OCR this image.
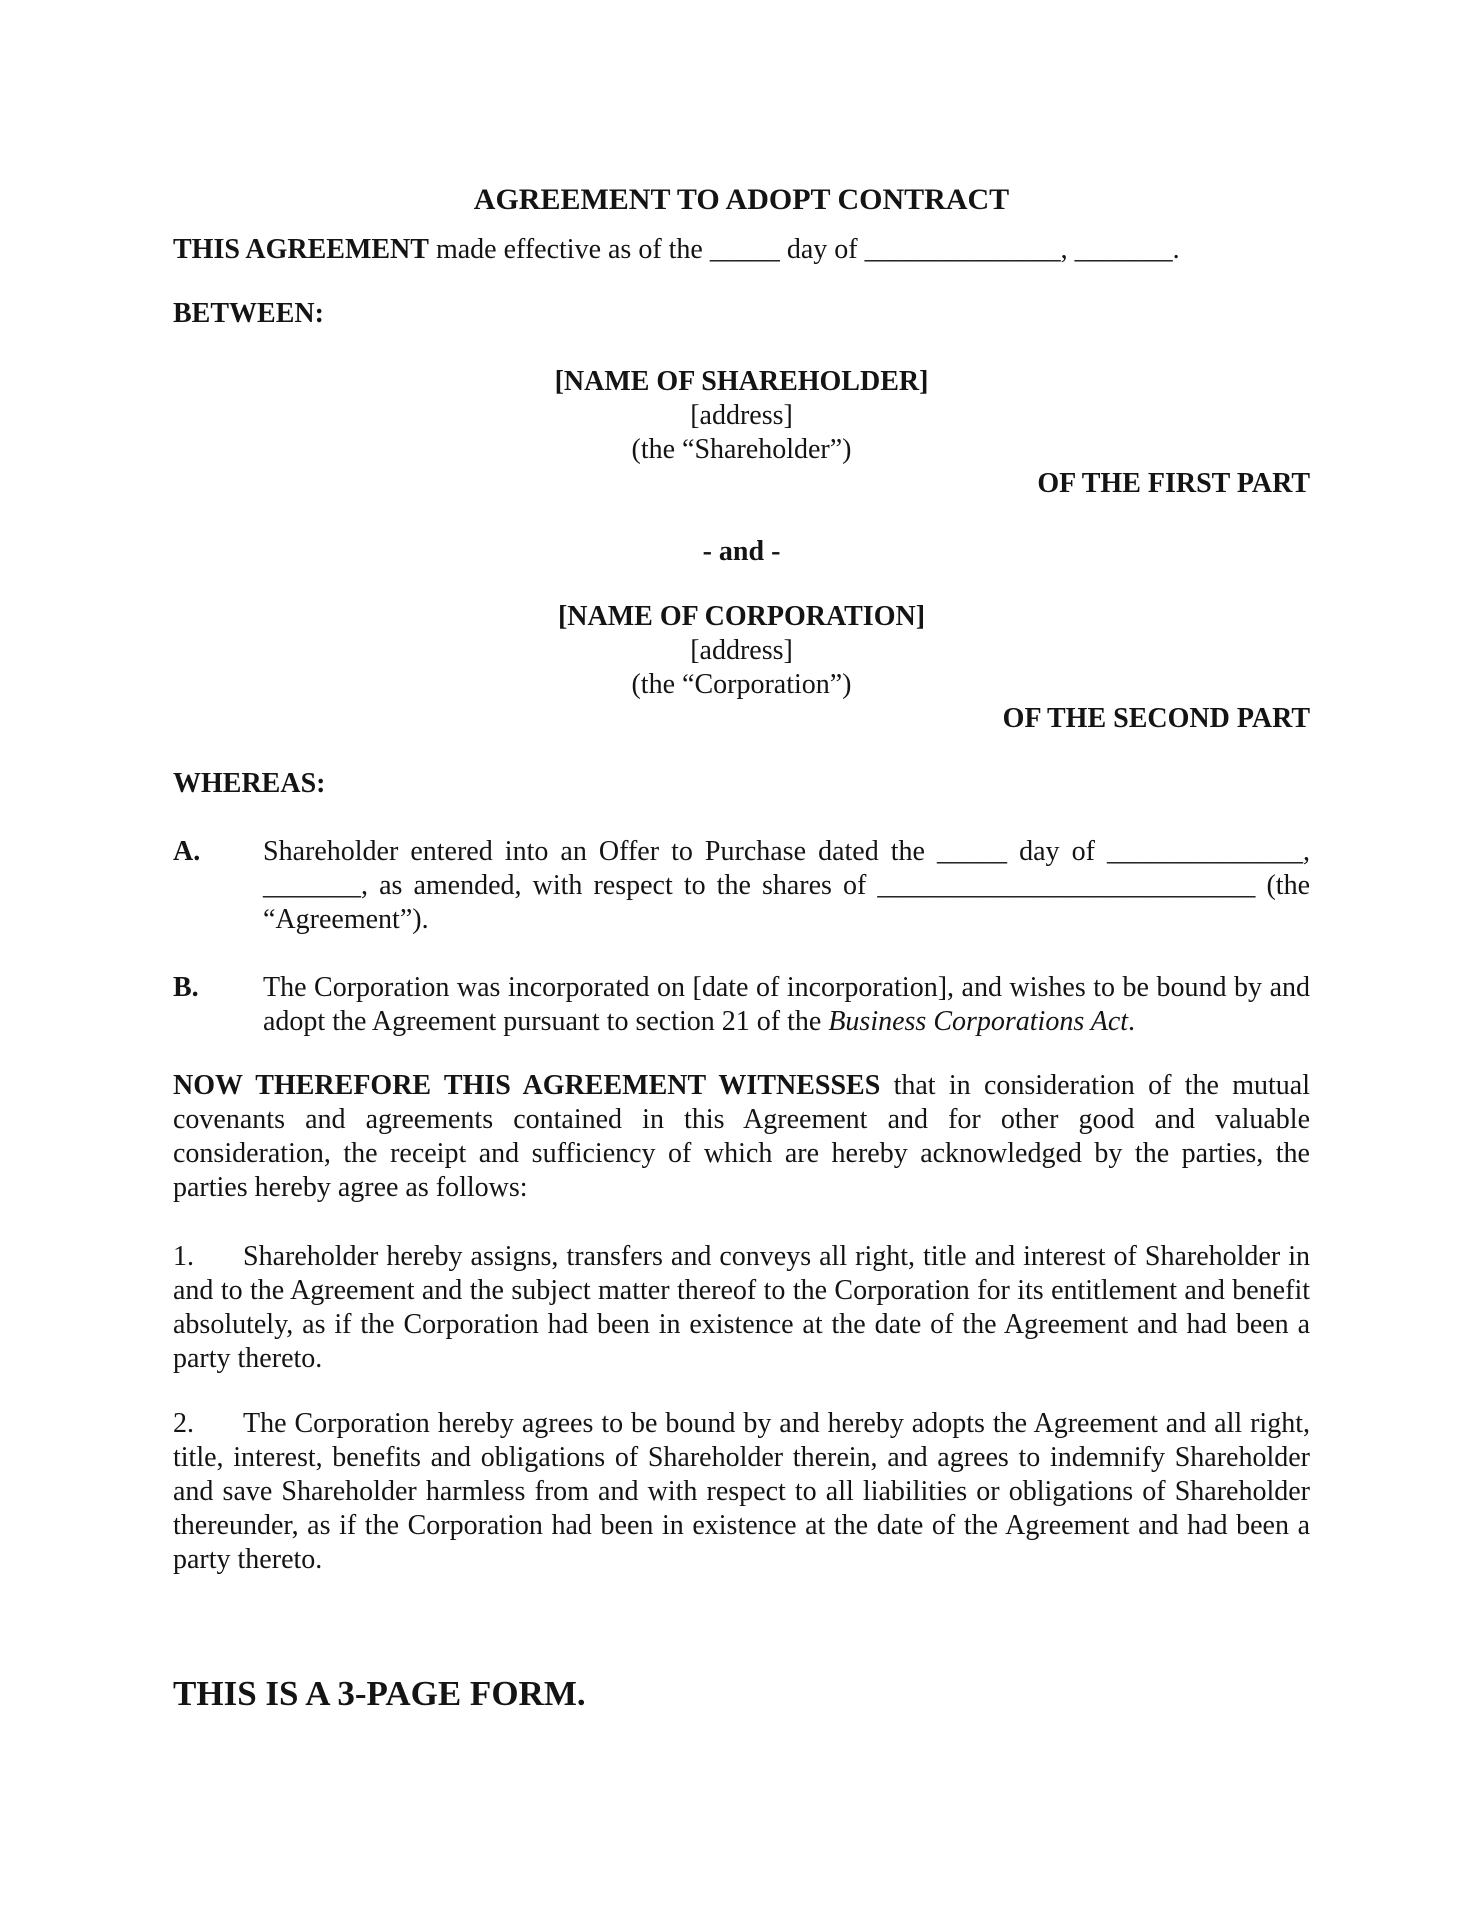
AGREEMENT TO ADOPT CONTRACT
THIS AGREEMENT made effective as of the _____ day of ______________, _______.
BETWEEN:
[NAME OF SHAREHOLDER]
[address]
(the “Shareholder”)
OF THE FIRST PART
- and -
[NAME OF CORPORATION]
[address]
(the “Corporation”)
OF THE SECOND PART
WHEREAS:
A. Shareholder entered into an Offer to Purchase dated the _____ day of ______________, _______, as amended, with respect to the shares of ___________________________ (the “Agreement”).
B. The Corporation was incorporated on [date of incorporation], and wishes to be bound by and adopt the Agreement pursuant to section 21 of the Business Corporations Act.
NOW THEREFORE THIS AGREEMENT WITNESSES that in consideration of the mutual covenants and agreements contained in this Agreement and for other good and valuable consideration, the receipt and sufficiency of which are hereby acknowledged by the parties, the parties hereby agree as follows:
1. Shareholder hereby assigns, transfers and conveys all right, title and interest of Shareholder in and to the Agreement and the subject matter thereof to the Corporation for its entitlement and benefit absolutely, as if the Corporation had been in existence at the date of the Agreement and had been a party thereto.
2. The Corporation hereby agrees to be bound by and hereby adopts the Agreement and all right, title, interest, benefits and obligations of Shareholder therein, and agrees to indemnify Shareholder and save Shareholder harmless from and with respect to all liabilities or obligations of Shareholder thereunder, as if the Corporation had been in existence at the date of the Agreement and had been a party thereto.
THIS IS A 3-PAGE FORM.
